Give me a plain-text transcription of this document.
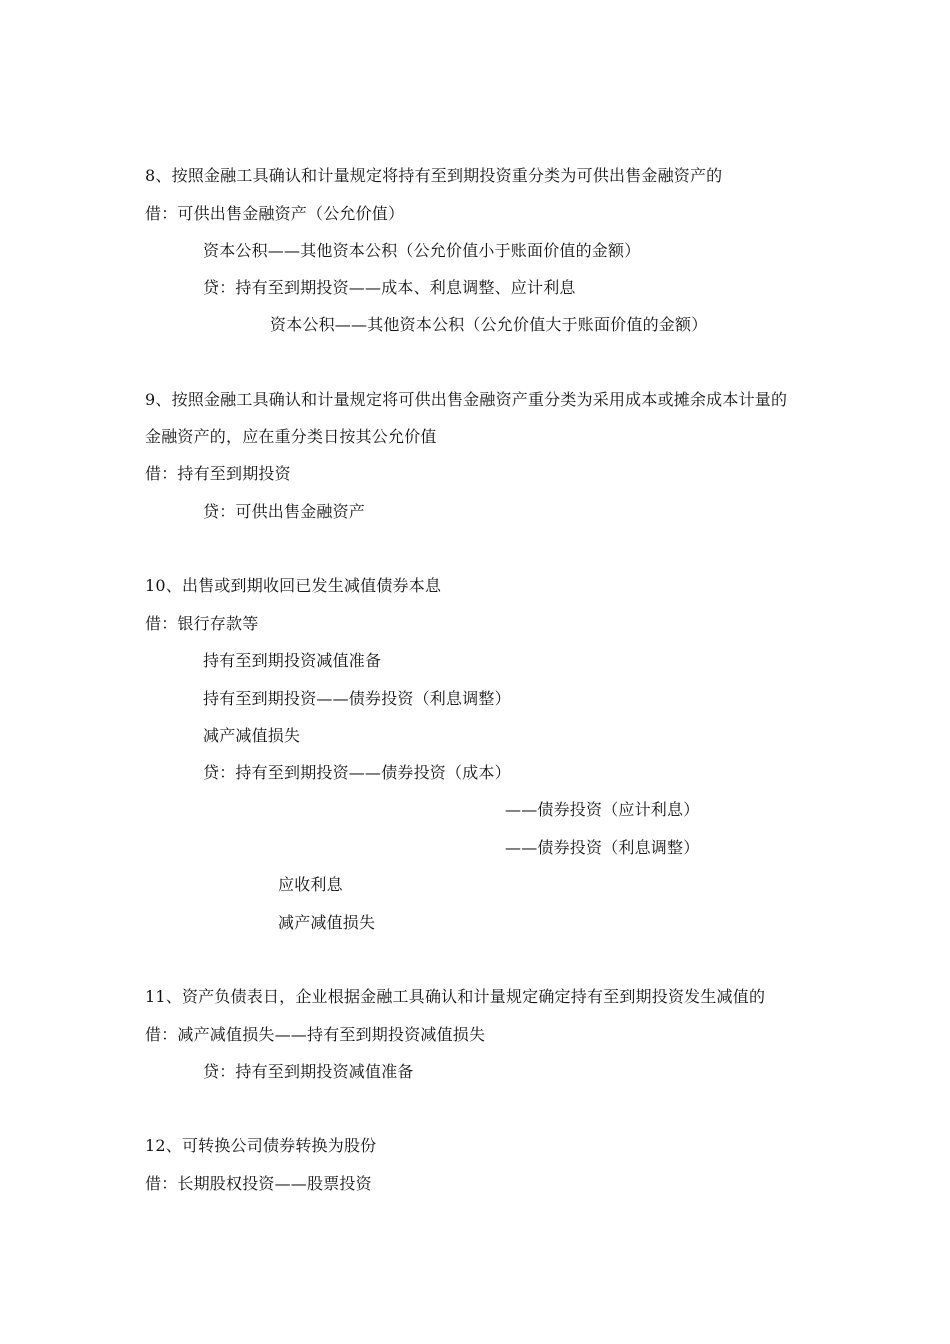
8、按照金融工具确认和计量规定将持有至到期投资重分类为可供出售金融资产的
借：可供出售金融资产（公允价值）
资本公积——其他资本公积（公允价值小于账面价值的金额）
贷：持有至到期投资——成本、利息调整、应计利息
资本公积——其他资本公积（公允价值大于账面价值的金额）
9、按照金融工具确认和计量规定将可供出售金融资产重分类为采用成本或摊余成本计量的
金融资产的，应在重分类日按其公允价值
借：持有至到期投资
贷：可供出售金融资产
10、出售或到期收回已发生减值债券本息
借：银行存款等
持有至到期投资减值准备
持有至到期投资——债券投资（利息调整）
减产减值损失
贷：持有至到期投资——债券投资（成本）
——债券投资（应计利息）
——债券投资（利息调整）
应收利息
减产减值损失
11、资产负债表日，企业根据金融工具确认和计量规定确定持有至到期投资发生减值的
借：减产减值损失——持有至到期投资减值损失
贷：持有至到期投资减值准备
12、可转换公司债券转换为股份
借：长期股权投资——股票投资
